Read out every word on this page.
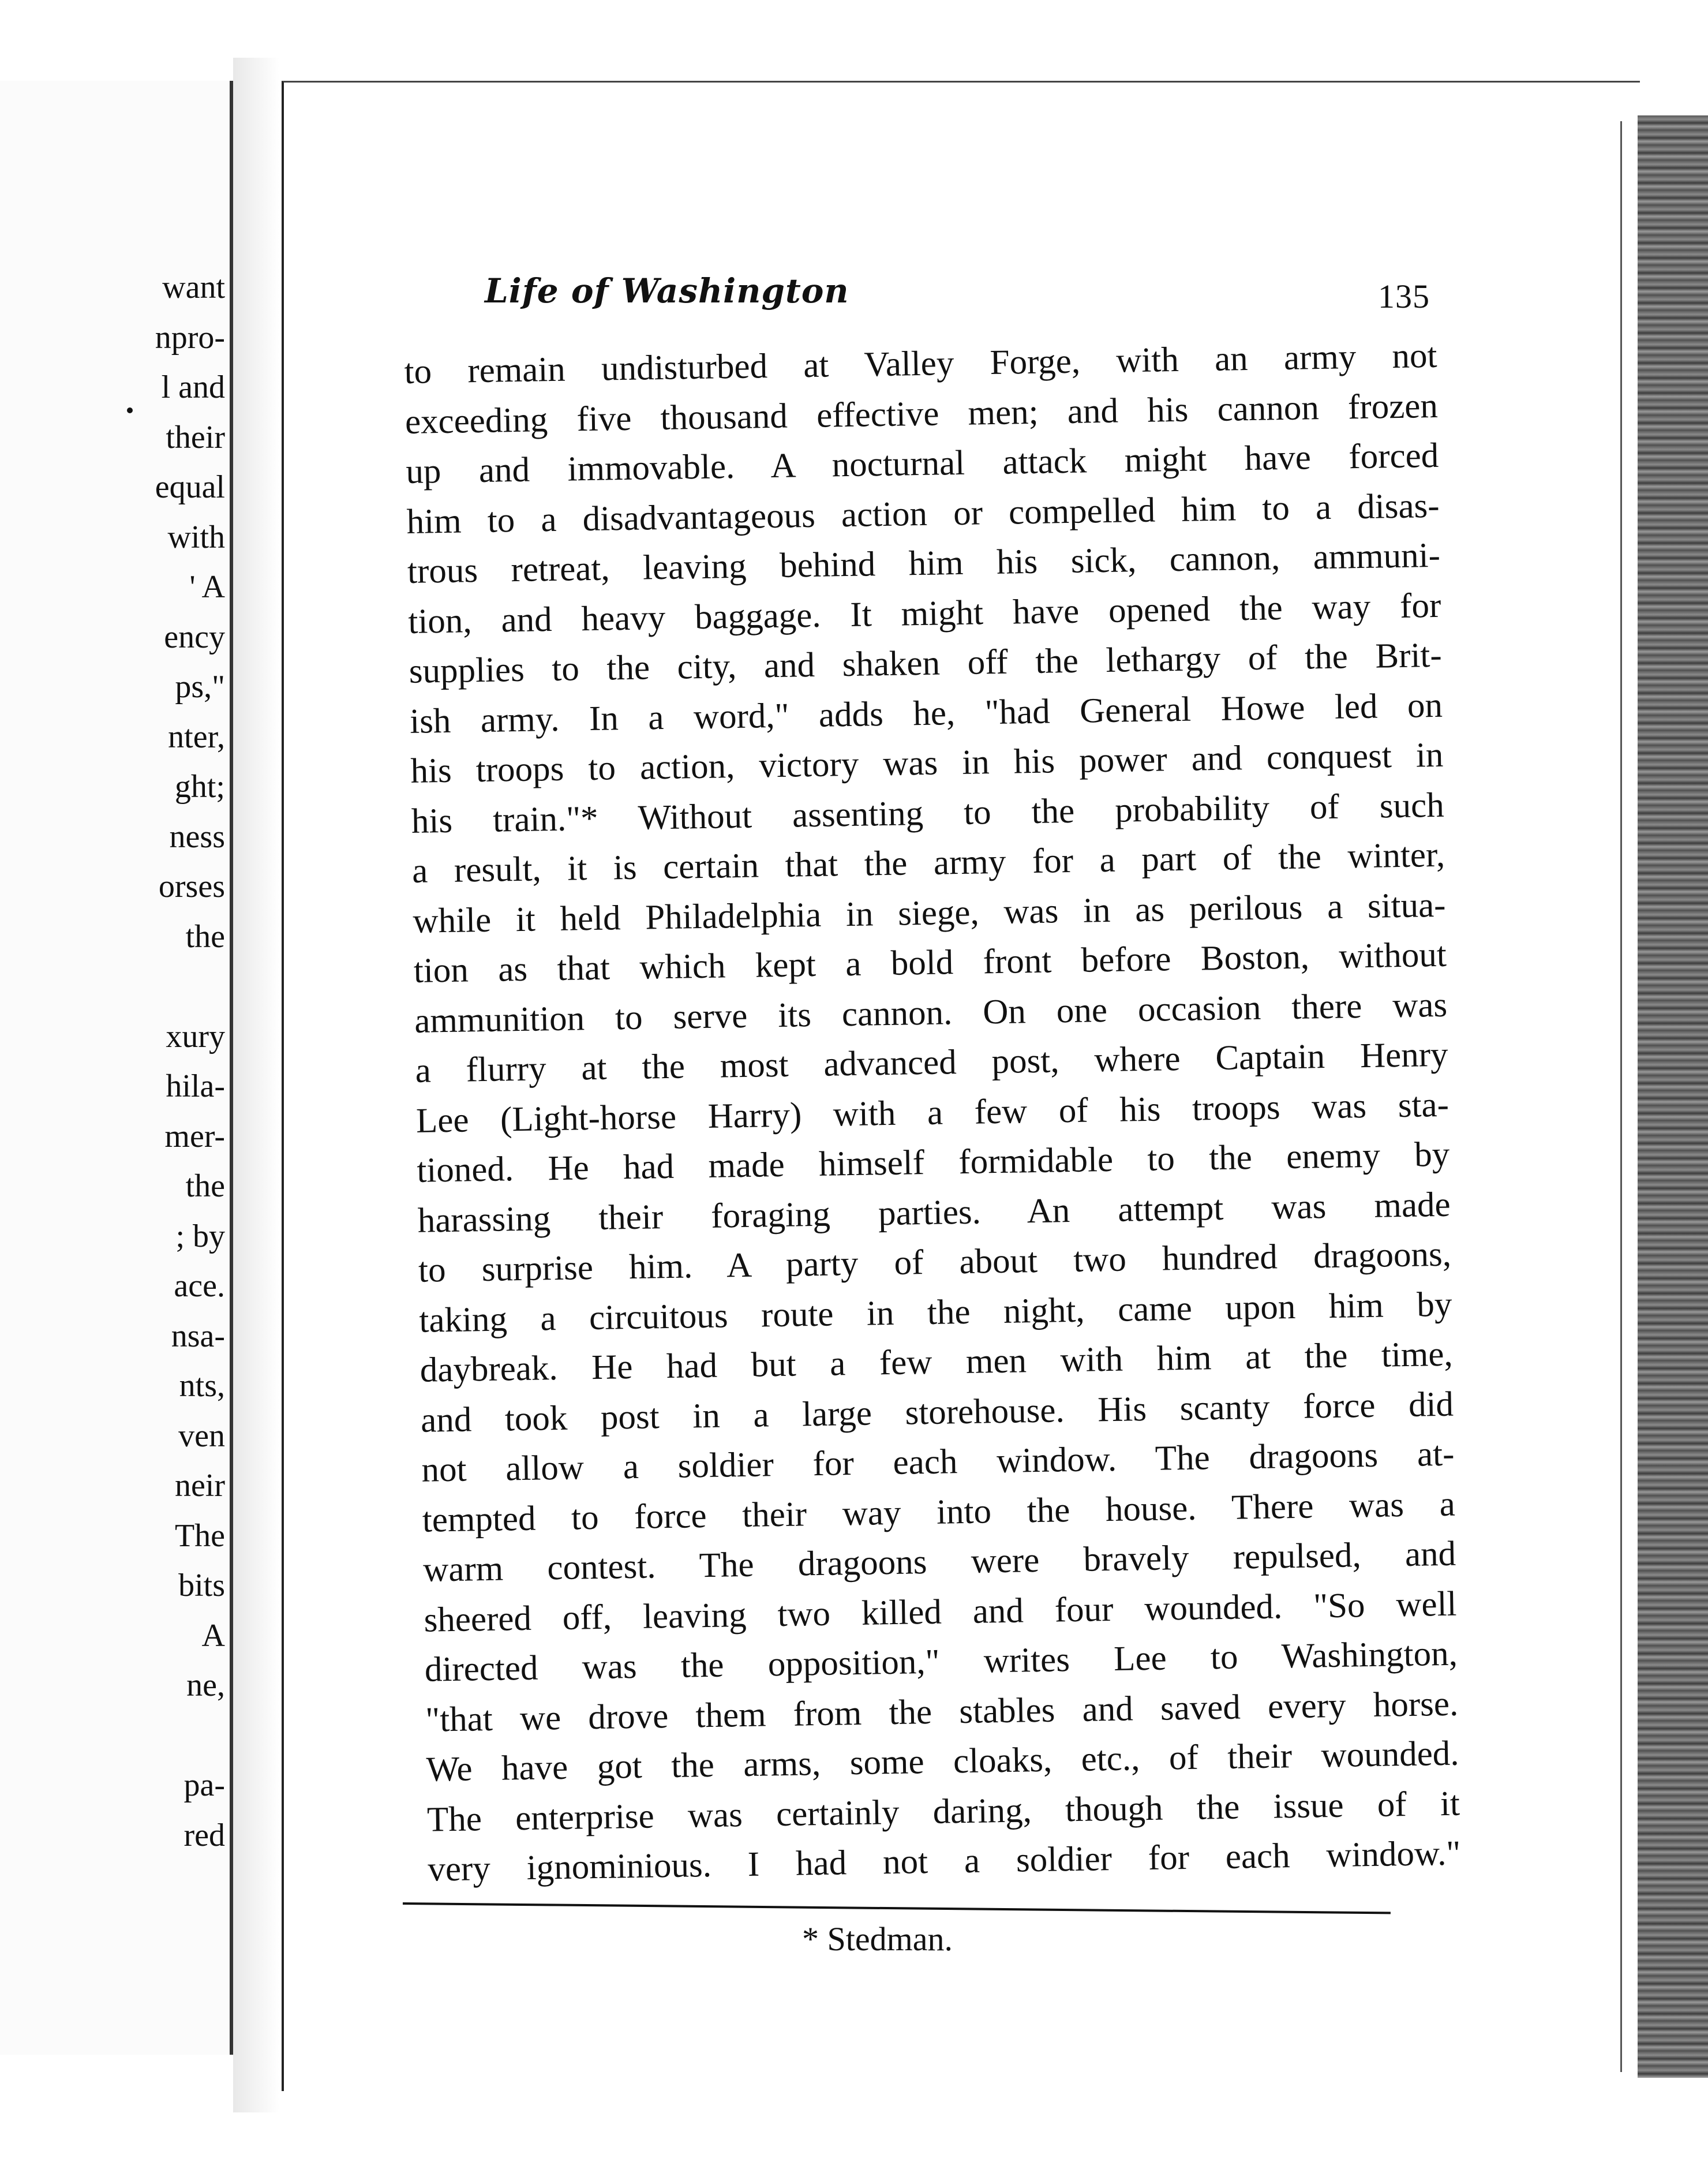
want
npro-
l and
their
equal
with
' A
ency
ps,"
nter,
ght;
ness
orses
the
xury
hila-
mer-
the
; by
ace.
nsa-
nts,
ven
neir
The
bits
A
ne,
pa-
red
Life of Washington	135
to remain undisturbed at Valley Forge, with an army not
exceeding five thousand effective men; and his cannon frozen
up and immovable. A nocturnal attack might have forced
him to a disadvantageous action or compelled him to a disas-
trous retreat, leaving behind him his sick, cannon, ammuni-
tion, and heavy baggage. It might have opened the way for
supplies to the city, and shaken off the lethargy of the Brit-
ish army. In a word," adds he, "had General Howe led on
his troops to action, victory was in his power and conquest in
his train."* Without assenting to the probability of such
a result, it is certain that the army for a part of the winter,
while it held Philadelphia in siege, was in as perilous a situa-
tion as that which kept a bold front before Boston, without
ammunition to serve its cannon. On one occasion there was
a flurry at the most advanced post, where Captain Henry
Lee (Light-horse Harry) with a few of his troops was sta-
tioned. He had made himself formidable to the enemy by
harassing their foraging parties. An attempt was made
to surprise him. A party of about two hundred dragoons,
taking a circuitous route in the night, came upon him by
daybreak. He had but a few men with him at the time,
and took post in a large storehouse. His scanty force did
not allow a soldier for each window. The dragoons at-
tempted to force their way into the house. There was a
warm contest. The dragoons were bravely repulsed, and
sheered off, leaving two killed and four wounded. "So well
directed was the opposition," writes Lee to Washington,
"that we drove them from the stables and saved every horse.
We have got the arms, some cloaks, etc., of their wounded.
The enterprise was certainly daring, though the issue of it
very ignominious. I had not a soldier for each window."
* Stedman.
